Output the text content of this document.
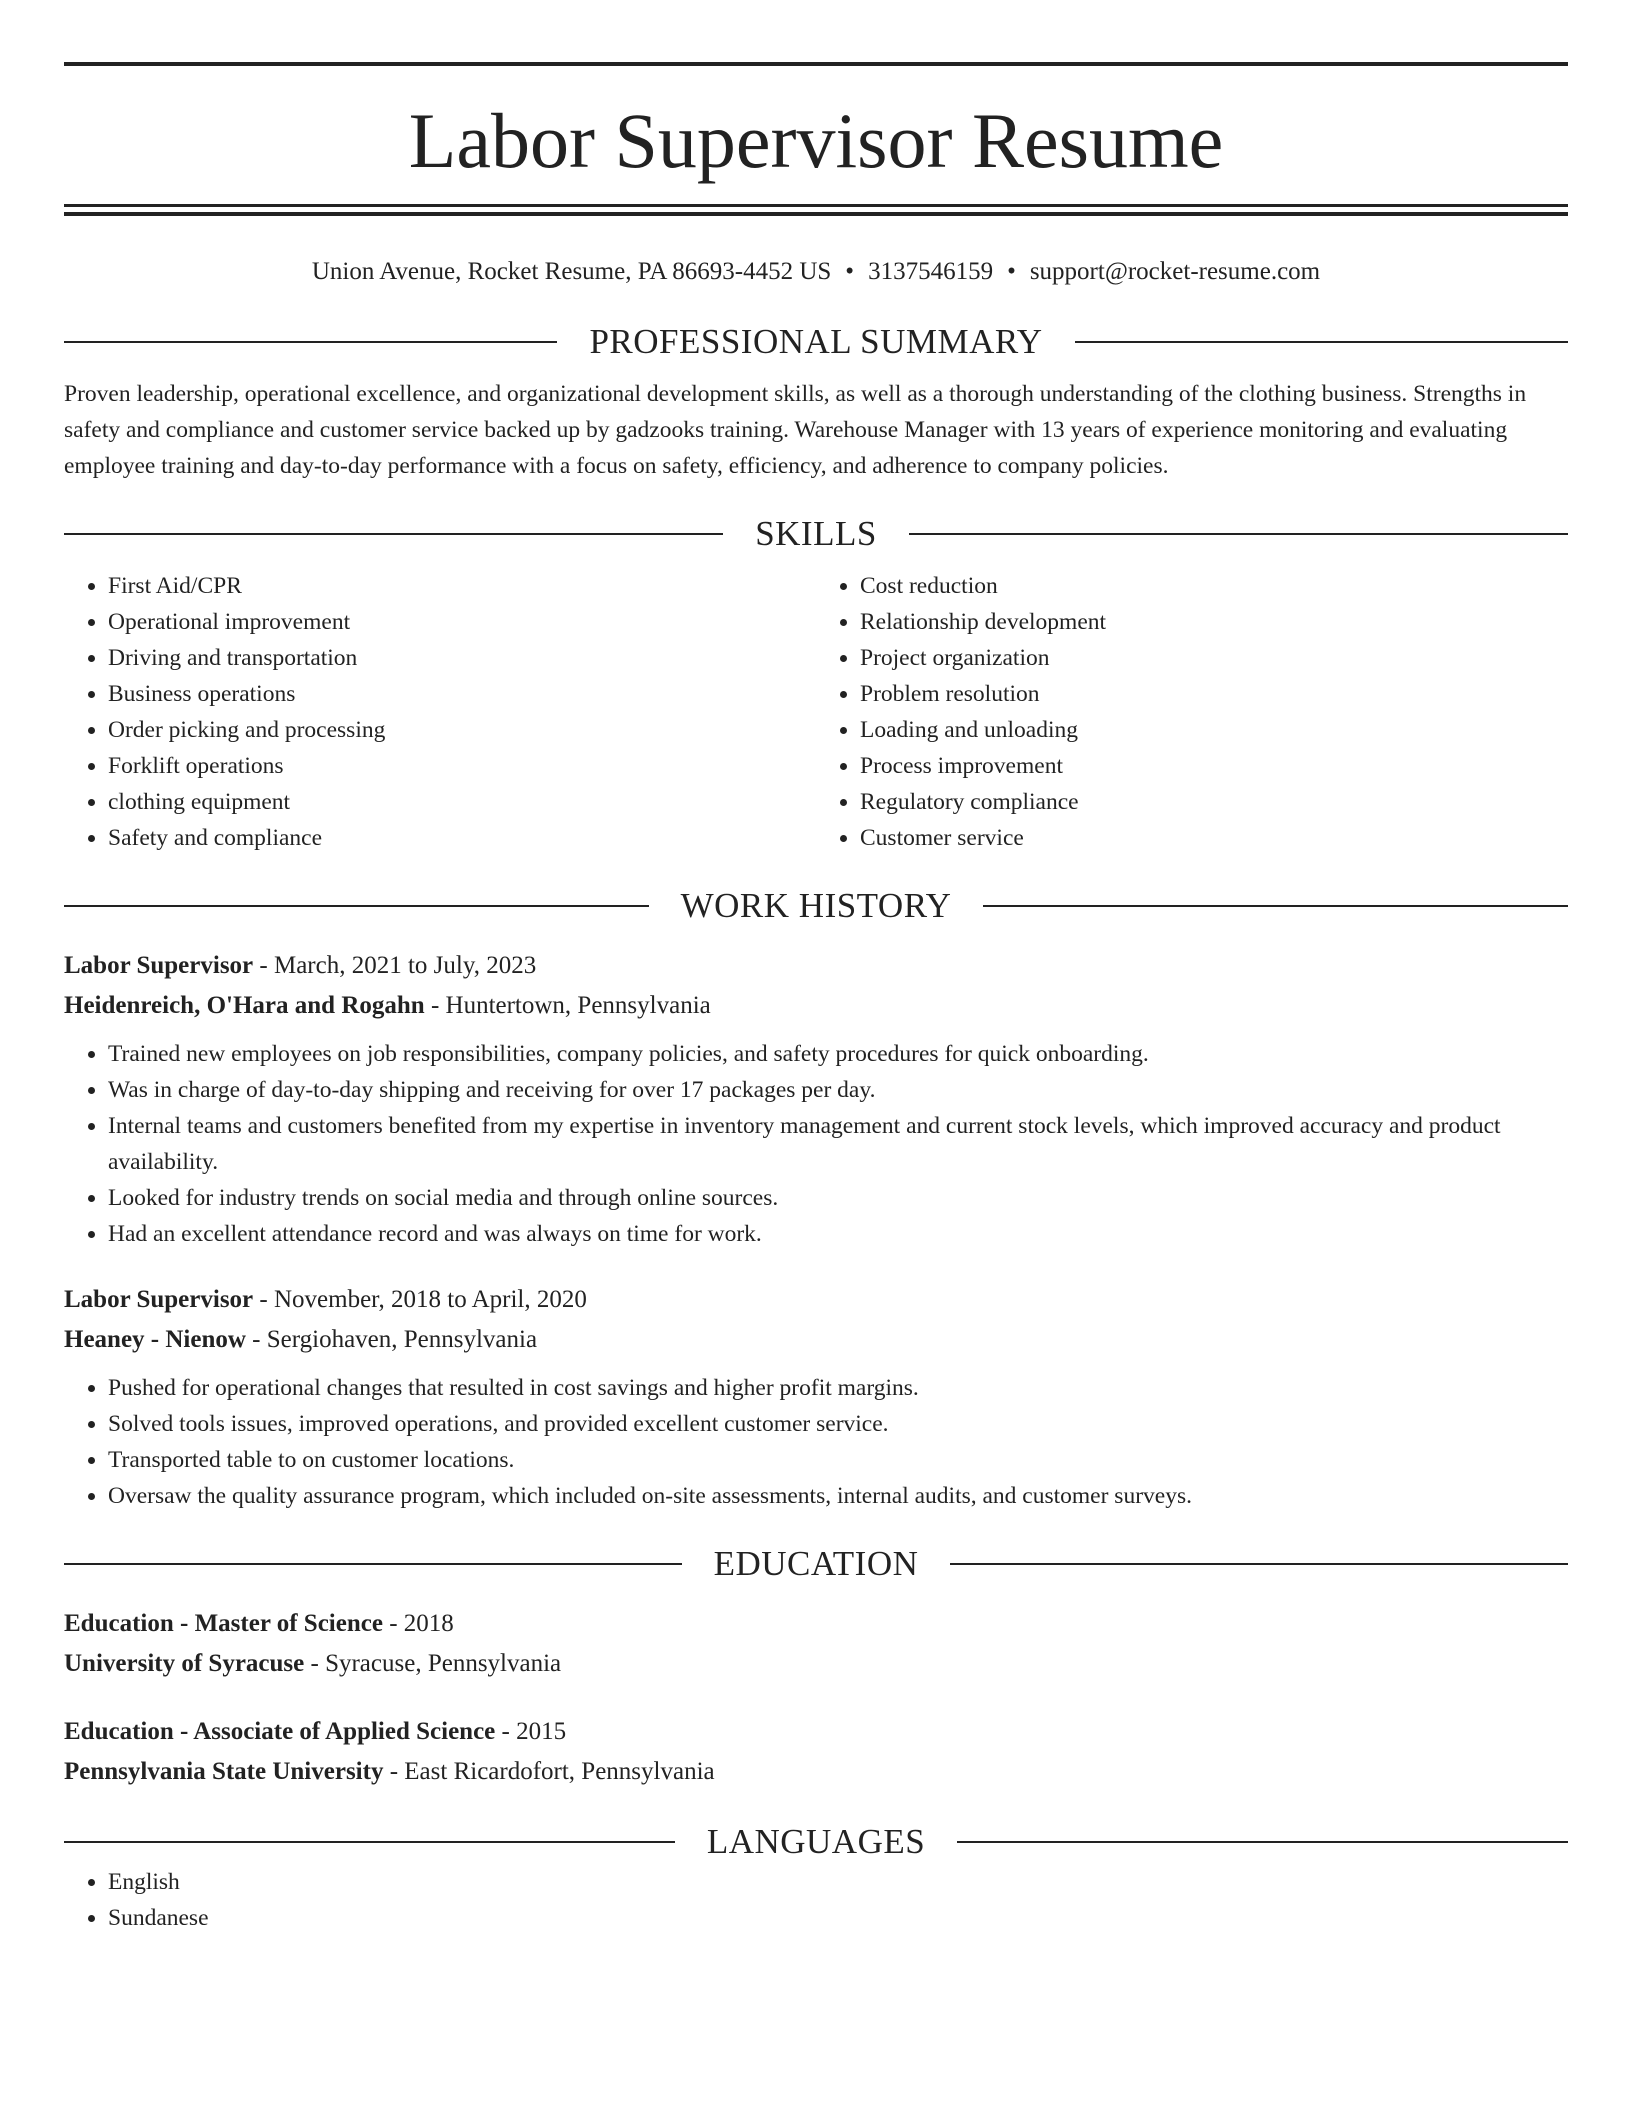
Labor Supervisor Resume
Union Avenue, Rocket Resume, PA 86693-4452 US • 3137546159 • support@rocket-resume.com
PROFESSIONAL SUMMARY

Proven leadership, operational excellence, and organizational development skills, as well as a thorough understanding of the clothing business. Strengths in safety and compliance and customer service backed up by gadzooks training. Warehouse Manager with 13 years of experience monitoring and evaluating employee training and day-to-day performance with a focus on safety, efficiency, and adherence to company policies.

SKILLS
• First Aid/CPR
• Operational improvement
• Driving and transportation
• Business operations
• Order picking and processing
• Forklift operations
• clothing equipment
• Safety and compliance
• Cost reduction
• Relationship development
• Project organization
• Problem resolution
• Loading and unloading
• Process improvement
• Regulatory compliance
• Customer service
WORK HISTORY
Labor Supervisor - March, 2021 to July, 2023
Heidenreich, O'Hara and Rogahn - Huntertown, Pennsylvania
• Trained new employees on job responsibilities, company policies, and safety procedures for quick onboarding.
• Was in charge of day-to-day shipping and receiving for over 17 packages per day.
• Internal teams and customers benefited from my expertise in inventory management and current stock levels, which improved accuracy and product availability.
• Looked for industry trends on social media and through online sources.
• Had an excellent attendance record and was always on time for work.
Labor Supervisor - November, 2018 to April, 2020
Heaney - Nienow - Sergiohaven, Pennsylvania
• Pushed for operational changes that resulted in cost savings and higher profit margins.
• Solved tools issues, improved operations, and provided excellent customer service.
• Transported table to on customer locations.
• Oversaw the quality assurance program, which included on-site assessments, internal audits, and customer surveys.
EDUCATION
Education - Master of Science - 2018
University of Syracuse - Syracuse, Pennsylvania
Education - Associate of Applied Science - 2015
Pennsylvania State University - East Ricardofort, Pennsylvania
LANGUAGES
• English
• Sundanese
